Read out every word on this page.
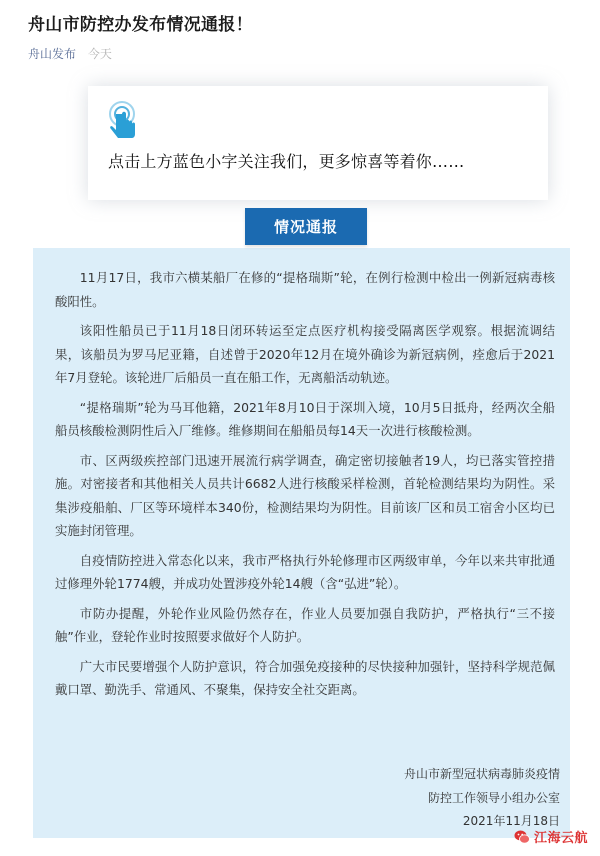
舟山市防控办发布情况通报！
舟山发布 今天
点击上方蓝色小字关注我们，更多惊喜等着你……
情况通报

11月17日，我市六横某船厂在修的“提格瑞斯”轮，在例行检测中检出一例新冠病毒核酸阳性。

该阳性船员已于11月18日闭环转运至定点医疗机构接受隔离医学观察。根据流调结果，该船员为罗马尼亚籍，自述曾于2020年12月在境外确诊为新冠病例，痊愈后于2021年7月登轮。该轮进厂后船员一直在船工作，无离船活动轨迹。

“提格瑞斯”轮为马耳他籍，2021年8月10日于深圳入境，10月5日抵舟，经两次全船船员核酸检测阴性后入厂维修。维修期间在船船员每14天一次进行核酸检测。

市、区两级疾控部门迅速开展流行病学调查，确定密切接触者19人，均已落实管控措施。对密接者和其他相关人员共计6682人进行核酸采样检测，首轮检测结果均为阴性。采集涉疫船舶、厂区等环境样本340份，检测结果均为阴性。目前该厂区和员工宿舍小区均已实施封闭管理。

自疫情防控进入常态化以来，我市严格执行外轮修理市区两级审单，今年以来共审批通过修理外轮1774艘，并成功处置涉疫外轮14艘（含“弘进”轮）。

市防办提醒，外轮作业风险仍然存在，作业人员要加强自我防护，严格执行“三不接触”作业，登轮作业时按照要求做好个人防护。

广大市民要增强个人防护意识，符合加强免疫接种的尽快接种加强针，坚持科学规范佩戴口罩、勤洗手、常通风、不聚集，保持安全社交距离。

舟山市新型冠状病毒肺炎疫情
防控工作领导小组办公室
2021年11月18日
江海云航
